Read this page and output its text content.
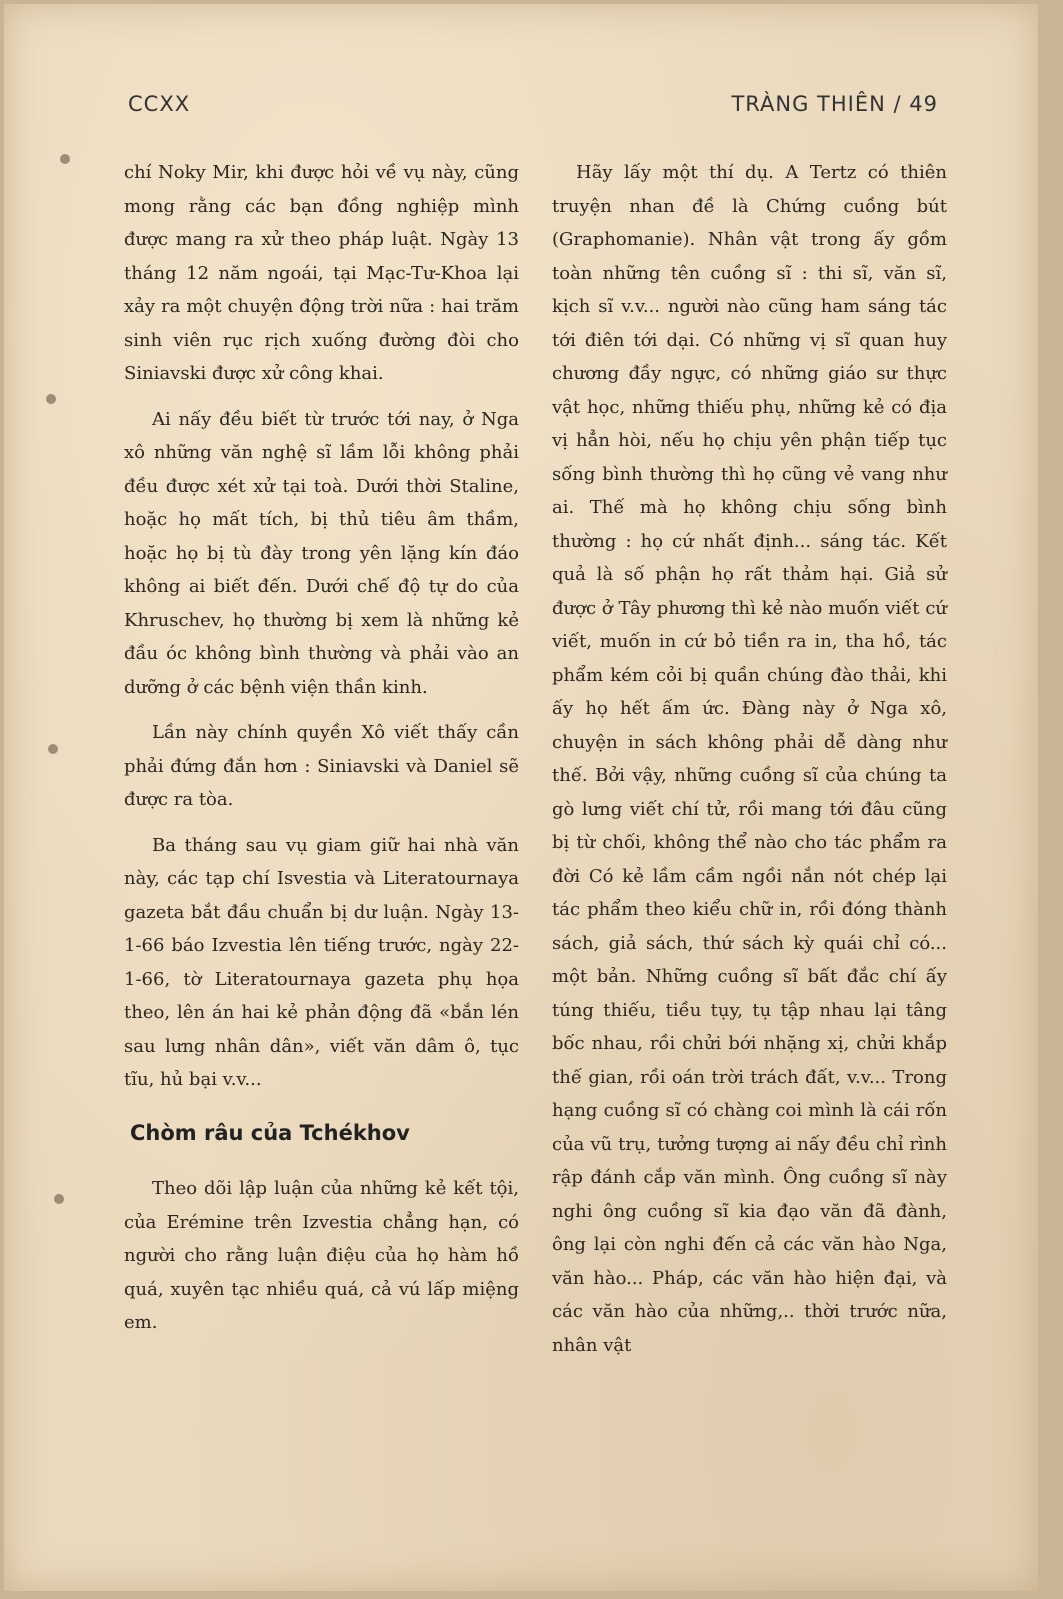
CCXX	TRÀNG THIÊN / 49

chí Noky Mir, khi được hỏi về vụ này, cũng mong rằng các bạn đồng nghiệp mình được mang ra xử theo pháp luật. Ngày 13 tháng 12 năm ngoái, tại Mạc-Tư-Khoa lại xảy ra một chuyện động trời nữa : hai trăm sinh viên rục rịch xuống đường đòi cho Siniavski được xử công khai.

Ai nấy đều biết từ trước tới nay, ở Nga xô những văn nghệ sĩ lầm lỗi không phải đều được xét xử tại toà. Dưới thời Staline, hoặc họ mất tích, bị thủ tiêu âm thầm, hoặc họ bị tù đày trong yên lặng kín đáo không ai biết đến. Dưới chế độ tự do của Khruschev, họ thường bị xem là những kẻ đầu óc không bình thường và phải vào an dưỡng ở các bệnh viện thần kinh.

Lần này chính quyền Xô viết thấy cần phải đứng đắn hơn : Siniavski và Daniel sẽ được ra tòa.

Ba tháng sau vụ giam giữ hai nhà văn này, các tạp chí Isvestia và Literatournaya gazeta bắt đầu chuẩn bị dư luận. Ngày 13-1-66 báo Izvestia lên tiếng trước, ngày 22-1-66, tờ Literatournaya gazeta phụ họa theo, lên án hai kẻ phản động đã «bắn lén sau lưng nhân dân», viết văn dâm ô, tục tĩu, hủ bại v.v...

Chòm râu của Tchékhov

Theo dõi lập luận của những kẻ kết tội, của Erémine trên Izvestia chẳng hạn, có người cho rằng luận điệu của họ hàm hồ quá, xuyên tạc nhiều quá, cả vú lấp miệng em.

Hãy lấy một thí dụ. A Tertz có thiên truyện nhan đề là Chứng cuồng bút (Graphomanie). Nhân vật trong ấy gồm toàn những tên cuồng sĩ : thi sĩ, văn sĩ, kịch sĩ v.v... người nào cũng ham sáng tác tới điên tới dại. Có những vị sĩ quan huy chương đầy ngực, có những giáo sư thực vật học, những thiếu phụ, những kẻ có địa vị hẳn hòi, nếu họ chịu yên phận tiếp tục sống bình thường thì họ cũng vẻ vang như ai. Thế mà họ không chịu sống bình thường : họ cứ nhất định... sáng tác. Kết quả là số phận họ rất thảm hại. Giả sử được ở Tây phương thì kẻ nào muốn viết cứ viết, muốn in cứ bỏ tiền ra in, tha hồ, tác phẩm kém cỏi bị quần chúng đào thải, khi ấy họ hết ấm ức. Đàng này ở Nga xô, chuyện in sách không phải dễ dàng như thế. Bởi vậy, những cuồng sĩ của chúng ta gò lưng viết chí tử, rồi mang tới đâu cũng bị từ chối, không thể nào cho tác phẩm ra đời Có kẻ lầm cầm ngồi nắn nót chép lại tác phẩm theo kiểu chữ in, rồi đóng thành sách, giả sách, thứ sách kỳ quái chỉ có... một bản. Những cuồng sĩ bất đắc chí ấy túng thiếu, tiều tụy, tụ tập nhau lại tâng bốc nhau, rồi chửi bới nhặng xị, chửi khắp thế gian, rồi oán trời trách đất, v.v... Trong hạng cuồng sĩ có chàng coi mình là cái rốn của vũ trụ, tưởng tượng ai nấy đều chỉ rình rập đánh cắp văn mình. Ông cuồng sĩ này nghi ông cuồng sĩ kia đạo văn đã đành, ông lại còn nghi đến cả các văn hào Nga, văn hào... Pháp, các văn hào hiện đại, và các văn hào của những,.. thời trước nữa, nhân vật
